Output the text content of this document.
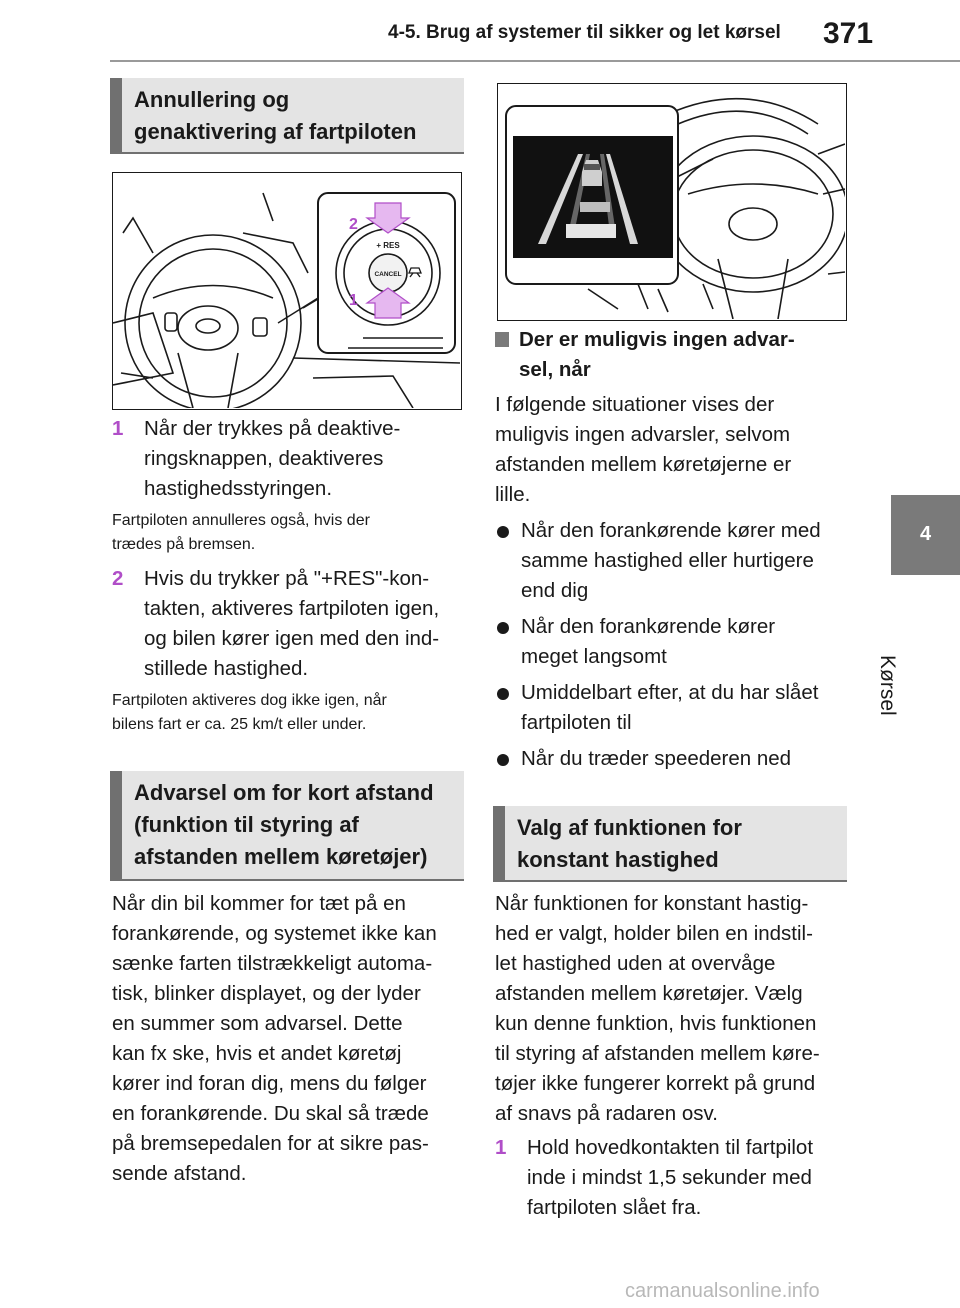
4-5. Brug af systemer til sikker og let kørsel 371
4
Kørsel
Annullering og
genaktivering af fartpiloten
+ RES
CANCEL
2
1
1 Når der trykkes på deaktive-
ringsknappen, deaktiveres
hastighedsstyringen.
Fartpiloten annulleres også, hvis der
trædes på bremsen.
2 Hvis du trykker på "+RES"-kon-
takten, aktiveres fartpiloten igen,
og bilen kører igen med den ind-
stillede hastighed.
Fartpiloten aktiveres dog ikke igen, når
bilens fart er ca. 25 km/t eller under.
Advarsel om for kort afstand
(funktion til styring af
afstanden mellem køretøjer)
Når din bil kommer for tæt på en
forankørende, og systemet ikke kan
sænke farten tilstrækkeligt automa-
tisk, blinker displayet, og der lyder
en summer som advarsel. Dette
kan fx ske, hvis et andet køretøj
kører ind foran dig, mens du følger
en forankørende. Du skal så træde
på bremsepedalen for at sikre pas-
sende afstand.
Der er muligvis ingen advar-
sel, når
I følgende situationer vises der
muligvis ingen advarsler, selvom
afstanden mellem køretøjerne er
lille.
Når den forankørende kører med
samme hastighed eller hurtigere
end dig
Når den forankørende kører
meget langsomt
Umiddelbart efter, at du har slået
fartpiloten til
Når du træder speederen ned
Valg af funktionen for
konstant hastighed
Når funktionen for konstant hastig-
hed er valgt, holder bilen en indstil-
let hastighed uden at overvåge
afstanden mellem køretøjer. Vælg
kun denne funktion, hvis funktionen
til styring af afstanden mellem køre-
tøjer ikke fungerer korrekt på grund
af snavs på radaren osv.
1 Hold hovedkontakten til fartpilot
inde i mindst 1,5 sekunder med
fartpiloten slået fra.
carmanualsonline.info
